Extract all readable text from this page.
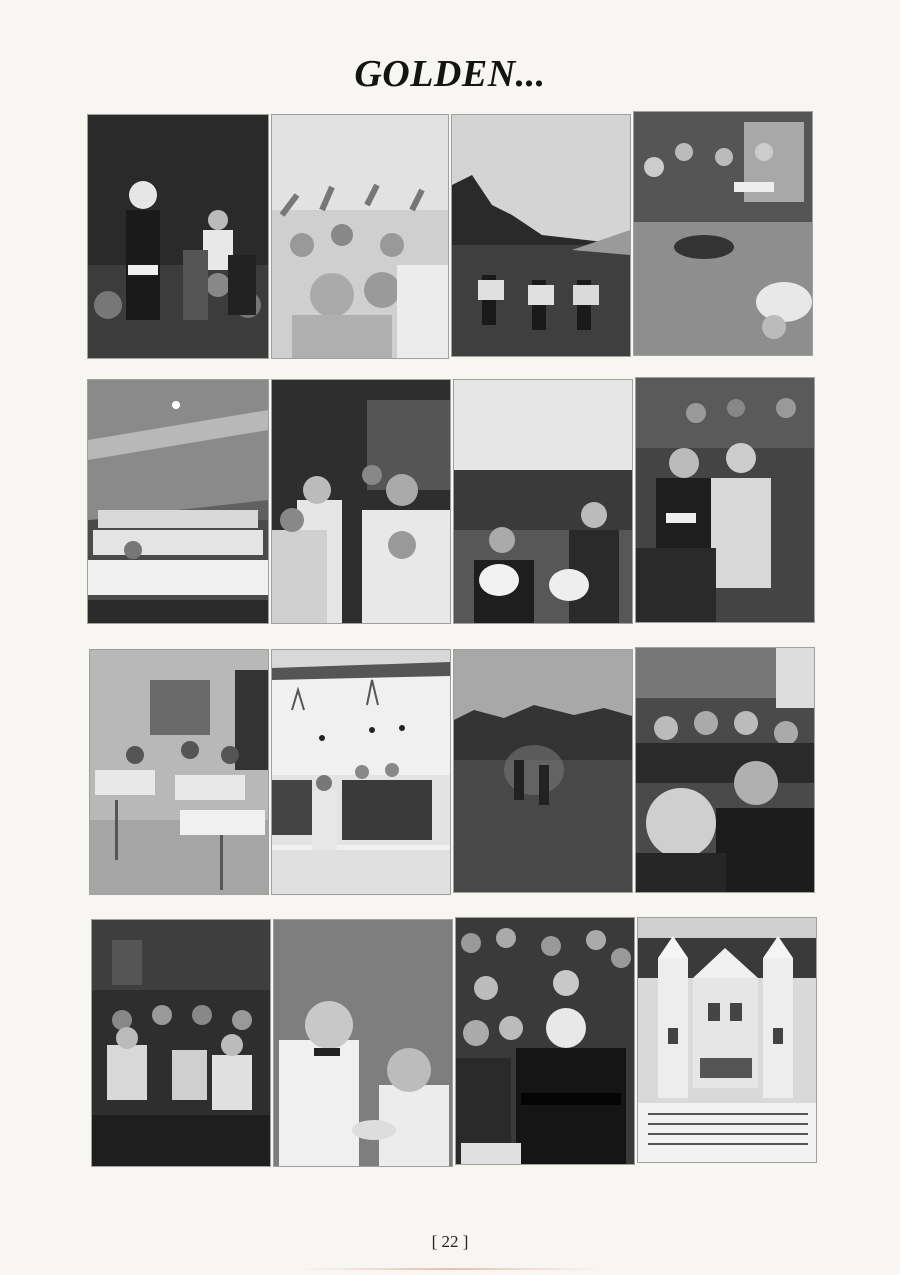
GOLDEN...
[ 22 ]
